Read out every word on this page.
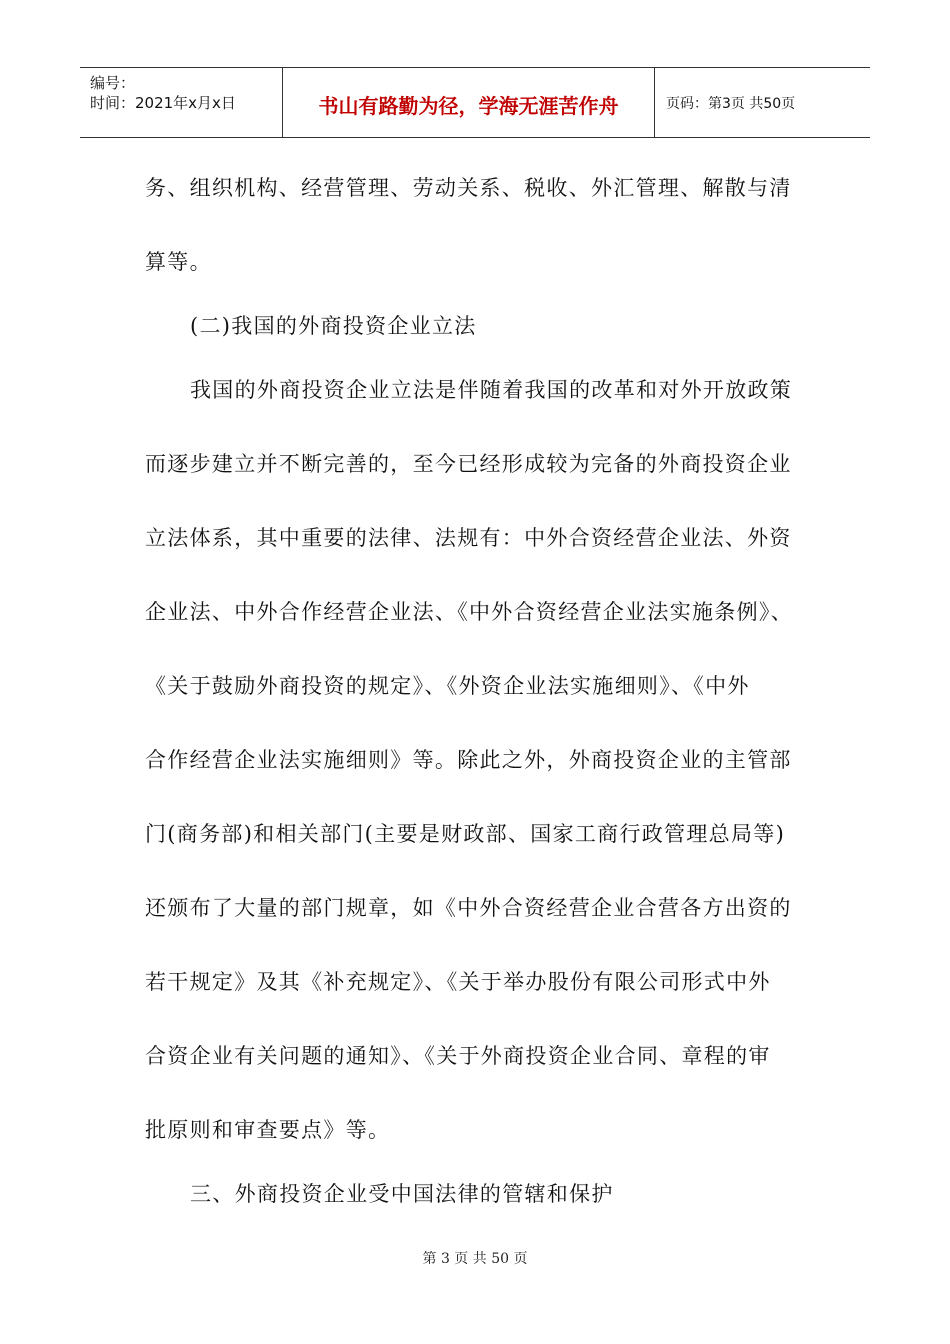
编号：
时间：2021年x月x日	书山有路勤为径，学海无涯苦作舟	页码：第3页 共50页
务、组织机构、经营管理、劳动关系、税收、外汇管理、解散与清
算等。
(二)我国的外商投资企业立法
我国的外商投资企业立法是伴随着我国的改革和对外开放政策
而逐步建立并不断完善的，至今已经形成较为完备的外商投资企业
立法体系，其中重要的法律、法规有：中外合资经营企业法、外资
企业法、中外合作经营企业法、《中外合资经营企业法实施条例》、
《关于鼓励外商投资的规定》、《外资企业法实施细则》、《中外
合作经营企业法实施细则》等。除此之外，外商投资企业的主管部
门(商务部)和相关部门(主要是财政部、国家工商行政管理总局等)
还颁布了大量的部门规章，如《中外合资经营企业合营各方出资的
若干规定》及其《补充规定》、《关于举办股份有限公司形式中外
合资企业有关问题的通知》、《关于外商投资企业合同、章程的审
批原则和审查要点》等。
三、外商投资企业受中国法律的管辖和保护
第 3 页 共 50 页
